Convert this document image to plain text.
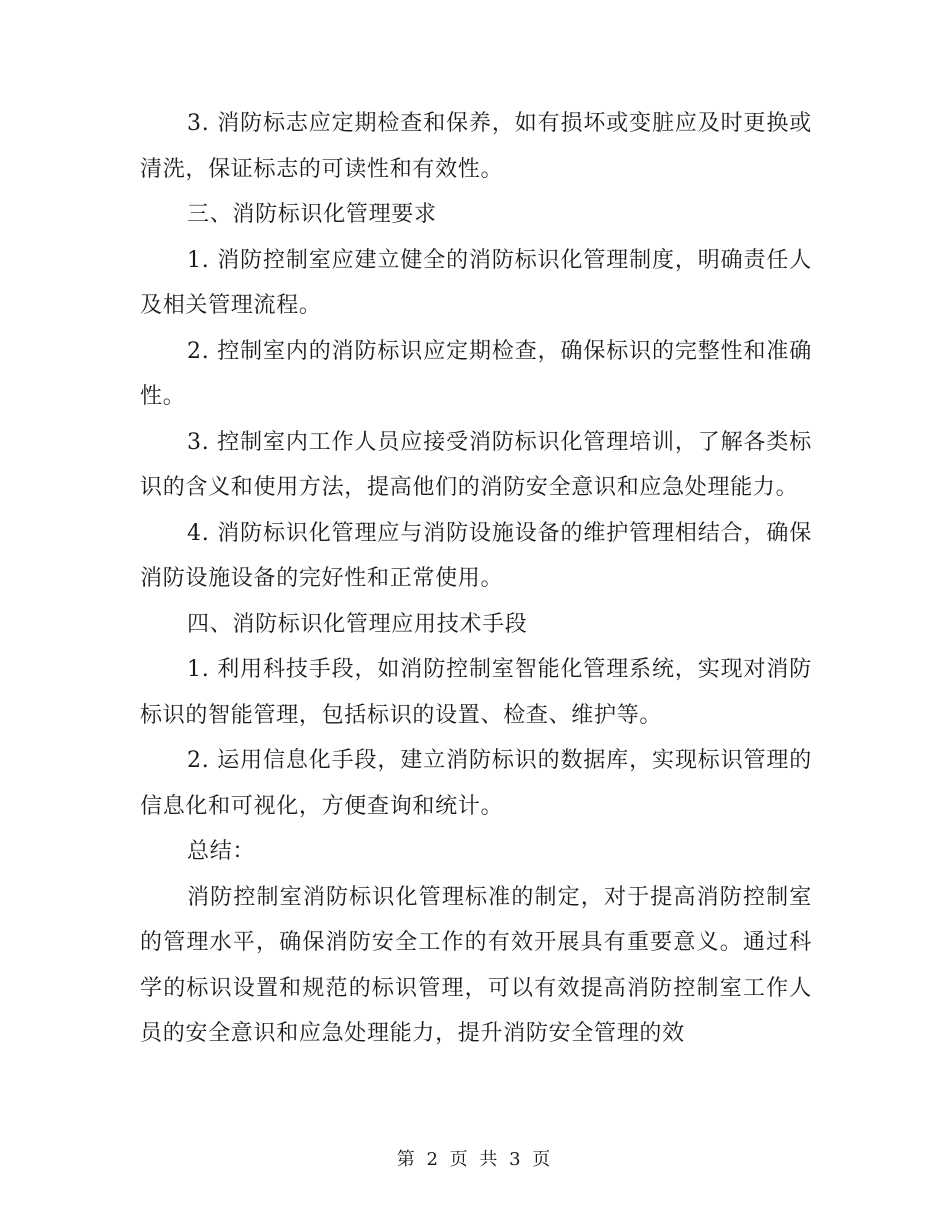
3. 消防标志应定期检查和保养，如有损坏或变脏应及时更换或清洗，保证标志的可读性和有效性。

三、消防标识化管理要求

1. 消防控制室应建立健全的消防标识化管理制度，明确责任人及相关管理流程。

2. 控制室内的消防标识应定期检查，确保标识的完整性和准确性。

3. 控制室内工作人员应接受消防标识化管理培训，了解各类标识的含义和使用方法，提高他们的消防安全意识和应急处理能力。

4. 消防标识化管理应与消防设施设备的维护管理相结合，确保消防设施设备的完好性和正常使用。

四、消防标识化管理应用技术手段

1. 利用科技手段，如消防控制室智能化管理系统，实现对消防标识的智能管理，包括标识的设置、检查、维护等。

2. 运用信息化手段，建立消防标识的数据库，实现标识管理的信息化和可视化，方便查询和统计。

总结：

消防控制室消防标识化管理标准的制定，对于提高消防控制室的管理水平，确保消防安全工作的有效开展具有重要意义。通过科学的标识设置和规范的标识管理，可以有效提高消防控制室工作人员的安全意识和应急处理能力，提升消防安全管理的效

第 2 页 共 3 页
